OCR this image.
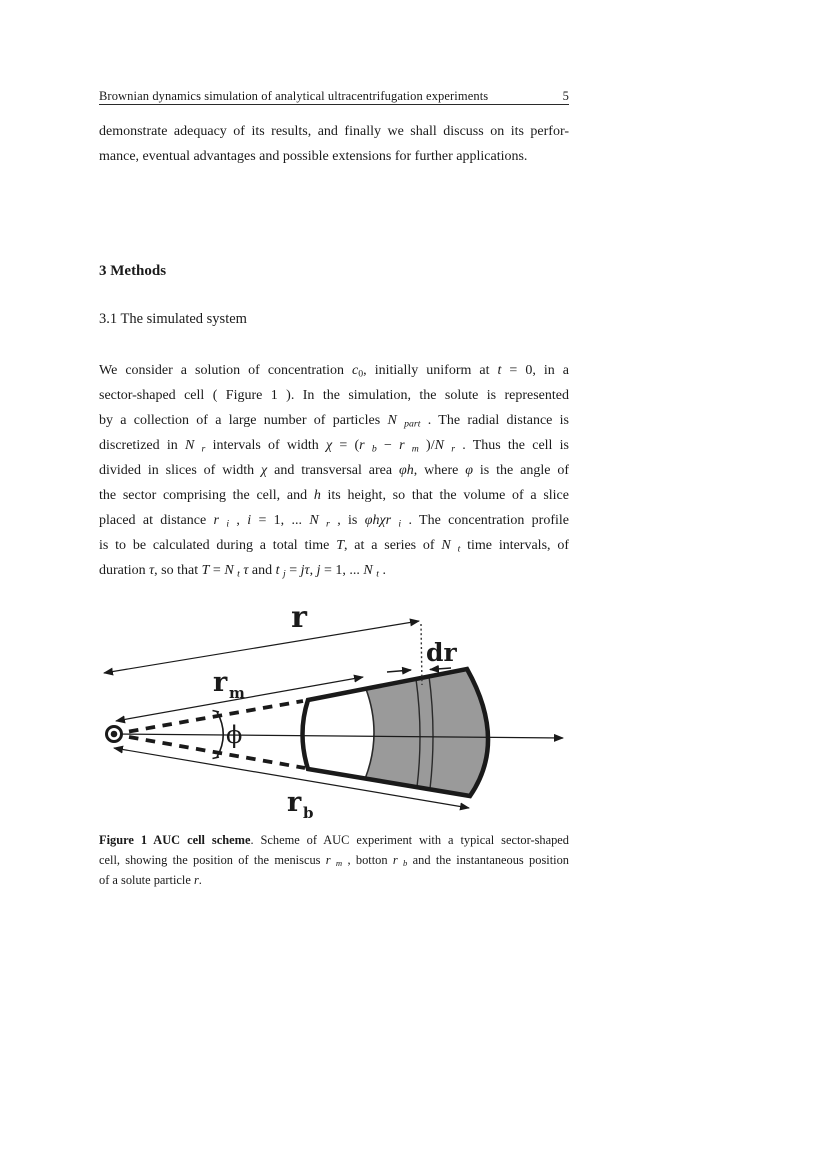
Brownian dynamics simulation of analytical ultracentrifugation experiments	5
demonstrate adequacy of its results, and finally we shall discuss on its perfor-
mance, eventual advantages and possible extensions for further applications.
3 Methods
3.1 The simulated system
We consider a solution of concentration c0, initially uniform at t = 0, in a
sector-shaped cell ( Figure 1 ). In the simulation, the solute is represented
by a collection of a large number of particles N part . The radial distance is
discretized in N r intervals of width χ = (r b − r m )/N r . Thus the cell is
divided in slices of width χ and transversal area φh, where φ is the angle of
the sector comprising the cell, and h its height, so that the volume of a slice
placed at distance r i , i = 1, ... N r , is φhχr i . The concentration profile
is to be calculated during a total time T, at a series of N t time intervals, of
duration τ, so that T = N t τ and t j = jτ, j = 1, ... N t .
ϕ
r
r m
r b
dr
Figure 1 AUC cell scheme. Scheme of AUC experiment with a typical sector-shaped
cell, showing the position of the meniscus r m , botton r b and the instantaneous position
of a solute particle r.
